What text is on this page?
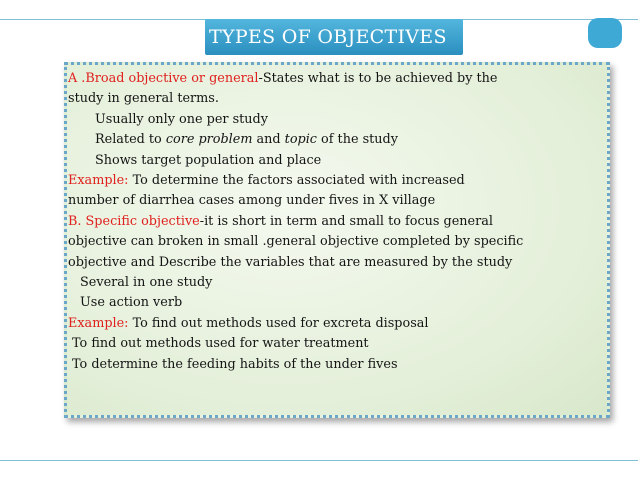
TYPES OF OBJECTIVES
A .Broad objective or general-States what is to be achieved by the
study in general terms.
Usually only one per study
Related to core problem and topic of the study
Shows target population and place
Example: To determine the factors associated with increased
number of diarrhea cases among under fives in X village
B. Specific objective-it is short in term and small to focus general
objective can broken in small .general objective completed by specific
objective and Describe the variables that are measured by the study
Several in one study
Use action verb
Example: To find out methods used for excreta disposal
To find out methods used for water treatment
To determine the feeding habits of the under fives
